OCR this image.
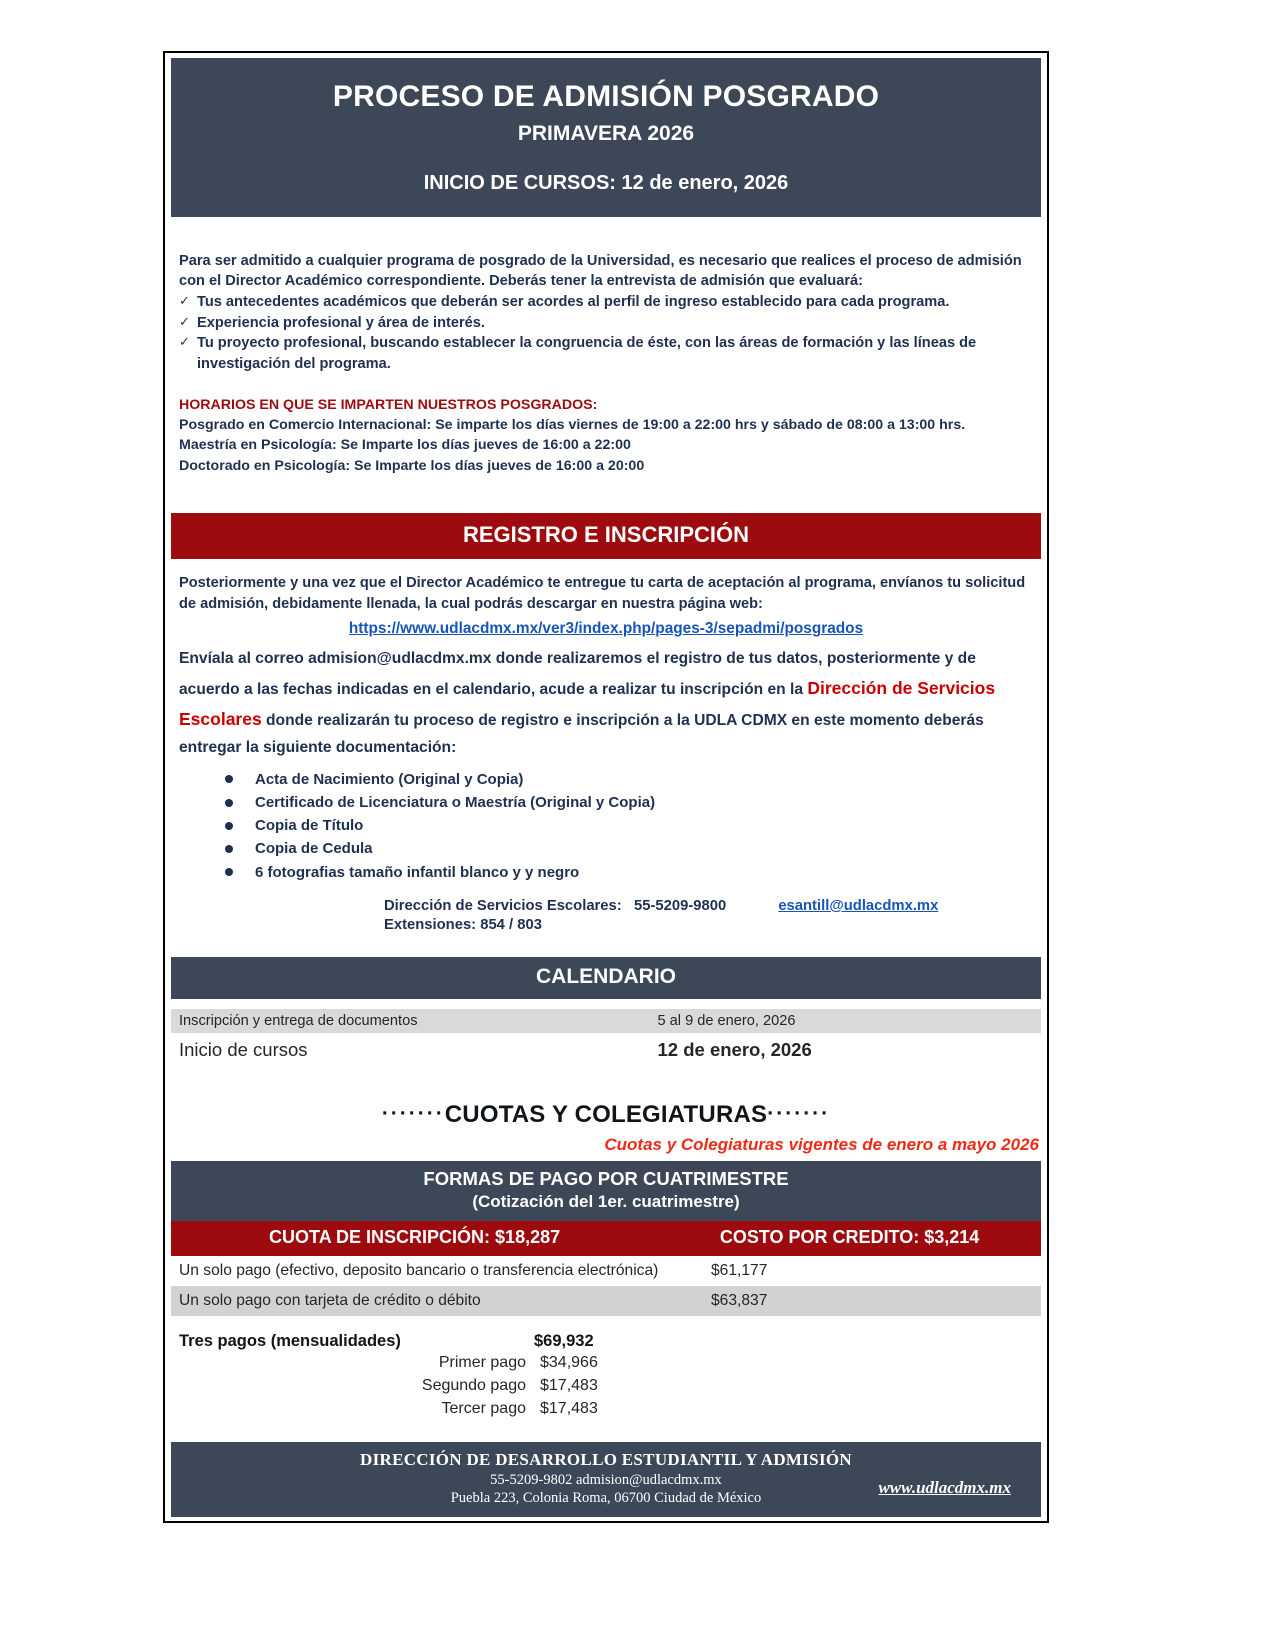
PROCESO DE ADMISIÓN POSGRADO
PRIMAVERA 2026
INICIO DE CURSOS: 12 de enero, 2026

Para ser admitido a cualquier programa de posgrado de la Universidad, es necesario que realices el proceso de admisión con el Director Académico correspondiente. Deberás tener la entrevista de admisión que evaluará:

✓ Tus antecedentes académicos que deberán ser acordes al perfil de ingreso establecido para cada programa.
✓ Experiencia profesional y área de interés.
✓ Tu proyecto profesional, buscando establecer la congruencia de éste, con las áreas de formación y las líneas de investigación del programa.
HORARIOS EN QUE SE IMPARTEN NUESTROS POSGRADOS:
Posgrado en Comercio Internacional: Se imparte los días viernes de 19:00 a 22:00 hrs y sábado de 08:00 a 13:00 hrs.
Maestría en Psicología: Se Imparte los días jueves de 16:00 a 22:00
Doctorado en Psicología: Se Imparte los días jueves de 16:00 a 20:00
REGISTRO E INSCRIPCIÓN
Posteriormente y una vez que el Director Académico te entregue tu carta de aceptación al programa, envíanos tu solicitud de admisión, debidamente llenada, la cual podrás descargar en nuestra página web:
https://www.udlacdmx.mx/ver3/index.php/pages-3/sepadmi/posgrados
Envíala al correo admision@udlacdmx.mx donde realizaremos el registro de tus datos, posteriormente y de acuerdo a las fechas indicadas en el calendario, acude a realizar tu inscripción en la Dirección de Servicios Escolares donde realizarán tu proceso de registro e inscripción a la UDLA CDMX en este momento deberás entregar la siguiente documentación:
Acta de Nacimiento (Original y Copia)
Certificado de Licenciatura o Maestría (Original y Copia)
Copia de Título
Copia de Cedula
6 fotografias tamaño infantil blanco y y negro
Dirección de Servicios Escolares: 55-5209-9800	esantill@udlacdmx.mx
Extensiones: 854 / 803
CALENDARIO
Inscripción y entrega de documentos	5 al 9 de enero, 2026
Inicio de cursos	12 de enero, 2026
·······CUOTAS Y COLEGIATURAS·······
Cuotas y Colegiaturas vigentes de enero a mayo 2026
FORMAS DE PAGO POR CUATRIMESTRE
(Cotización del 1er. cuatrimestre)
CUOTA DE INSCRIPCIÓN: $18,287	COSTO POR CREDITO: $3,214
Un solo pago (efectivo, deposito bancario o transferencia electrónica)	$61,177
Un solo pago con tarjeta de crédito o débito	$63,837
Tres pagos (mensualidades)	$69,932
Primer pago $34,966
Segundo pago $17,483
Tercer pago $17,483
DIRECCIÓN DE DESARROLLO ESTUDIANTIL Y ADMISIÓN
55-5209-9802 admision@udlacdmx.mx
Puebla 223, Colonia Roma, 06700 Ciudad de México
www.udlacdmx.mx
